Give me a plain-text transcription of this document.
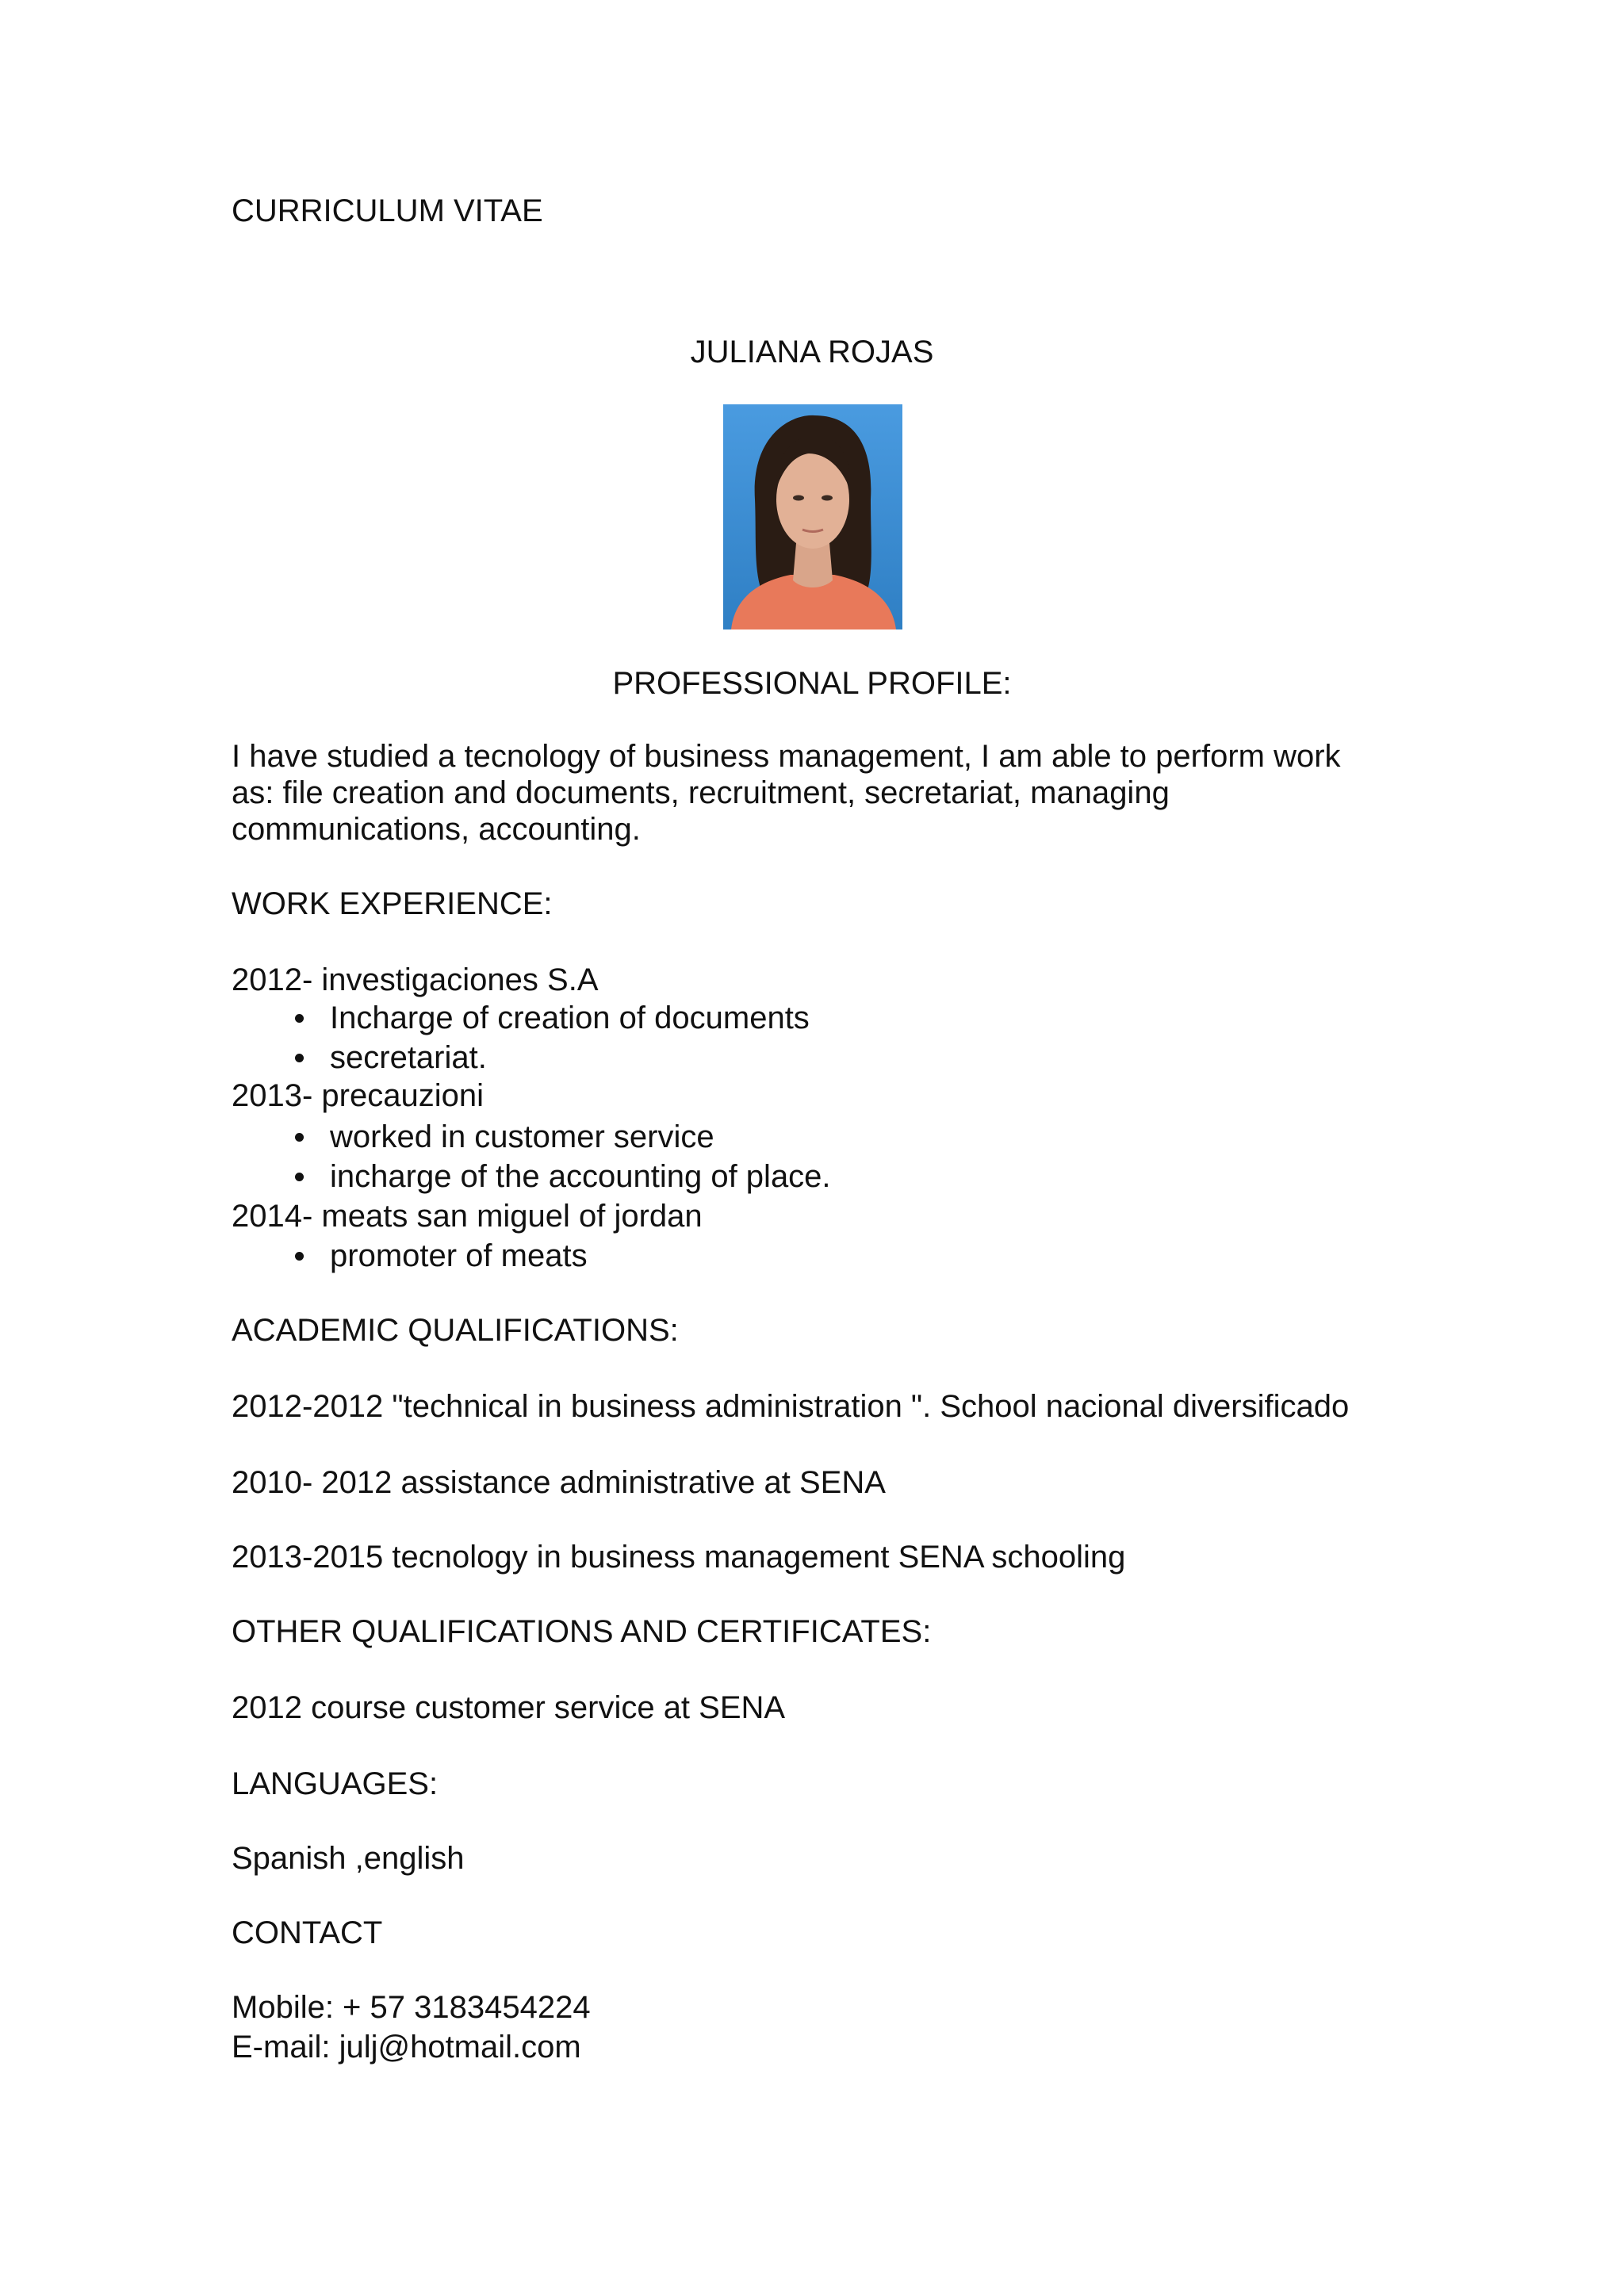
CURRICULUM VITAE
JULIANA ROJAS
PROFESSIONAL PROFILE:
I have studied a tecnology of business management, I am able to perform work
as: file creation and documents, recruitment, secretariat, managing
communications, accounting.
WORK EXPERIENCE:
2012- investigaciones S.A
Incharge of creation of documents
secretariat.
2013- precauzioni
worked in customer service
incharge of the accounting of place.
2014- meats san miguel of jordan
promoter of meats
ACADEMIC QUALIFICATIONS:
2012-2012 "technical in business administration ". School nacional diversificado
2010- 2012 assistance administrative at SENA
2013-2015 tecnology in business management SENA schooling
OTHER QUALIFICATIONS AND CERTIFICATES:
2012 course customer service at SENA
LANGUAGES:
Spanish ,english
CONTACT
Mobile: + 57 3183454224
E-mail: julj@hotmail.com
